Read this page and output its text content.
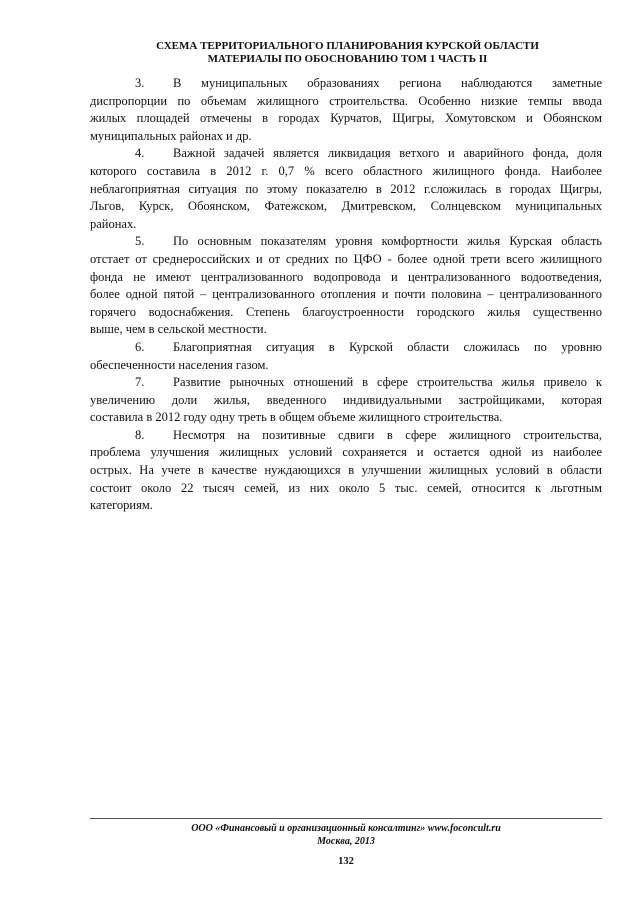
СХЕМА ТЕРРИТОРИАЛЬНОГО ПЛАНИРОВАНИЯ КУРСКОЙ ОБЛАСТИ
МАТЕРИАЛЫ ПО ОБОСНОВАНИЮ ТОМ 1 ЧАСТЬ II
3.	В муниципальных образованиях региона наблюдаются заметные
диспропорции по объемам жилищного строительства. Особенно низкие темпы ввода
жилых площадей отмечены в городах Курчатов, Щигры, Хомутовском и Обоянском
муниципальных районах и др.
4.	Важной задачей является ликвидация ветхого и аварийного фонда, доля
которого составила в 2012 г. 0,7 % всего областного жилищного фонда. Наиболее
неблагоприятная ситуация по этому показателю в 2012 г.сложилась в городах Щигры,
Льгов, Курск, Обоянском, Фатежском, Дмитревском, Солнцевском муниципальных
районах.
5.	По основным показателям уровня комфортности жилья Курская область
отстает от среднероссийских и от средних по ЦФО - более одной трети всего жилищного
фонда не имеют централизованного водопровода и централизованного водоотведения,
более одной пятой – централизованного отопления и почти половина – централизованного
горячего водоснабжения. Степень благоустроенности городского жилья существенно
выше, чем в сельской местности.
6.	Благоприятная ситуация в Курской области сложилась по уровню
обеспеченности населения газом.
7.	Развитие рыночных отношений в сфере строительства жилья привело к
увеличению доли жилья, введенного индивидуальными застройщиками, которая
составила в 2012 году одну треть в общем объеме жилищного строительства.
8.	Несмотря на позитивные сдвиги в сфере жилищного строительства,
проблема улучшения жилищных условий сохраняется и остается одной из наиболее
острых. На учете в качестве нуждающихся в улучшении жилищных условий в области
состоит около 22 тысяч семей, из них около 5 тыс. семей, относится к льготным
категориям.
ООО «Финансовый и организационный консалтинг» www.foconcult.ru
Москва, 2013
132
